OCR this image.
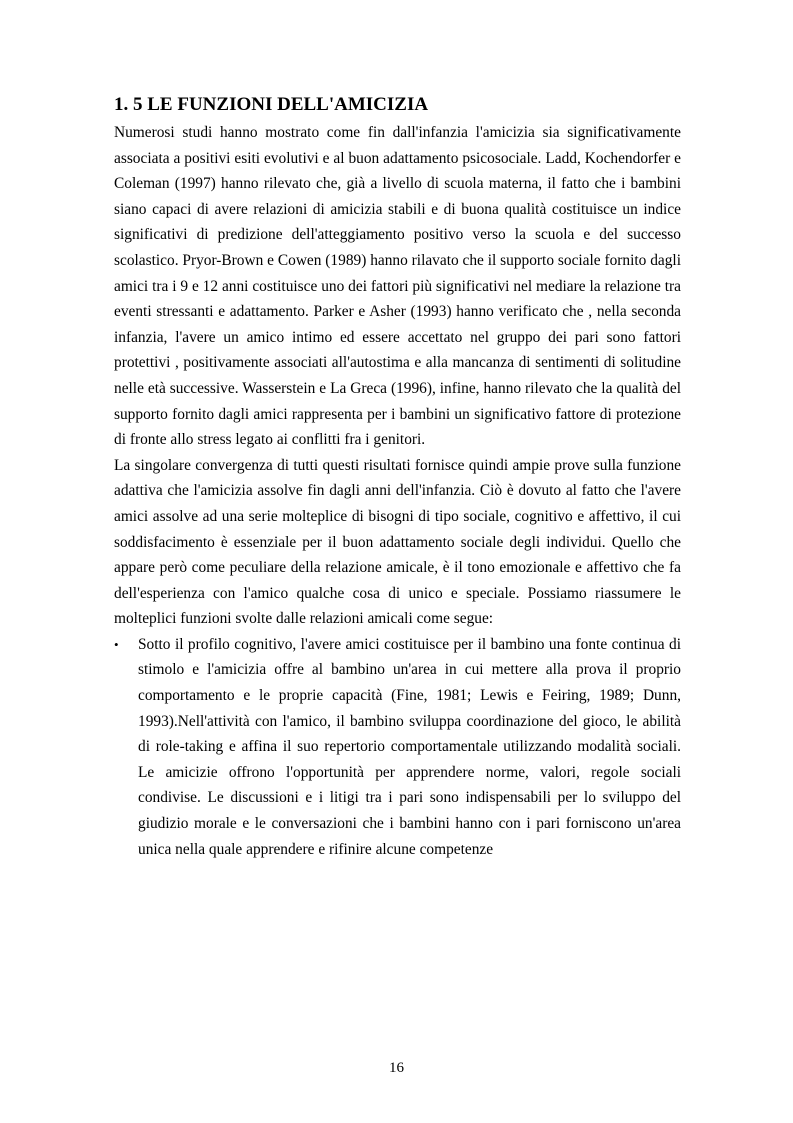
1. 5 LE FUNZIONI DELL'AMICIZIA

Numerosi studi hanno mostrato come fin dall'infanzia l'amicizia sia significativamente associata a positivi esiti evolutivi e al buon adattamento psicosociale. Ladd, Kochendorfer e Coleman (1997) hanno rilevato che, già a livello di scuola materna, il fatto che i bambini siano capaci di avere relazioni di amicizia stabili e di buona qualità costituisce un indice significativi di predizione dell'atteggiamento positivo verso la scuola e del successo scolastico. Pryor-Brown e Cowen (1989) hanno rilavato che il supporto sociale fornito dagli amici tra i 9 e 12 anni costituisce uno dei fattori più significativi nel mediare la relazione tra eventi stressanti e adattamento. Parker e Asher (1993) hanno verificato che , nella seconda infanzia, l'avere un amico intimo ed essere accettato nel gruppo dei pari sono fattori protettivi , positivamente associati all'autostima e alla mancanza di sentimenti di solitudine nelle età successive. Wasserstein e La Greca (1996), infine, hanno rilevato che la qualità del supporto fornito dagli amici rappresenta per i bambini un significativo fattore di protezione di fronte allo stress legato ai conflitti fra i genitori.

La singolare convergenza di tutti questi risultati fornisce quindi ampie prove sulla funzione adattiva che l'amicizia assolve fin dagli anni dell'infanzia. Ciò è dovuto al fatto che l'avere amici assolve ad una serie molteplice di bisogni di tipo sociale, cognitivo e affettivo, il cui soddisfacimento è essenziale per il buon adattamento sociale degli individui. Quello che appare però come peculiare della relazione amicale, è il tono emozionale e affettivo che fa dell'esperienza con l'amico qualche cosa di unico e speciale. Possiamo riassumere le molteplici funzioni svolte dalle relazioni amicali come segue:

• Sotto il profilo cognitivo, l'avere amici costituisce per il bambino una fonte continua di stimolo e l'amicizia offre al bambino un'area in cui mettere alla prova il proprio comportamento e le proprie capacità (Fine, 1981; Lewis e Feiring, 1989; Dunn, 1993).Nell'attività con l'amico, il bambino sviluppa coordinazione del gioco, le abilità di role-taking e affina il suo repertorio comportamentale utilizzando modalità sociali. Le amicizie offrono l'opportunità per apprendere norme, valori, regole sociali condivise. Le discussioni e i litigi tra i pari sono indispensabili per lo sviluppo del giudizio morale e le conversazioni che i bambini hanno con i pari forniscono un'area unica nella quale apprendere e rifinire alcune competenze
16
